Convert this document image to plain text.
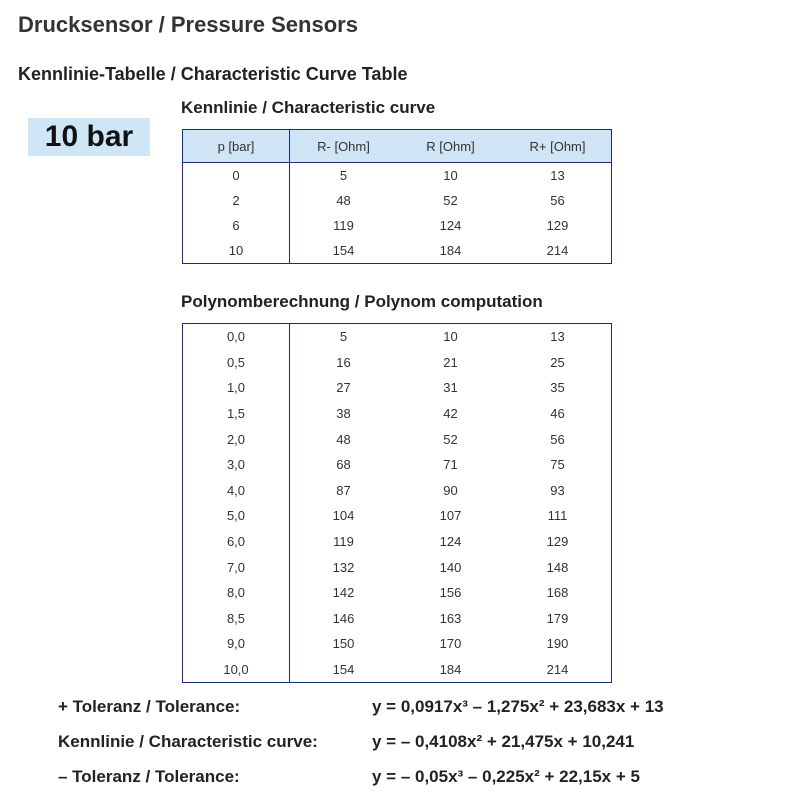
Drucksensor / Pressure Sensors
Kennlinie-Tabelle / Characteristic Curve Table
10 bar
Kennlinie / Characteristic curve
p [bar]	R- [Ohm]	R [Ohm]	R+ [Ohm]
0	5	10	13
2	48	52	56
6	119	124	129
10	154	184	214
Polynomberechnung / Polynom computation
0,0	5	10	13
0,5	16	21	25
1,0	27	31	35
1,5	38	42	46
2,0	48	52	56
3,0	68	71	75
4,0	87	90	93
5,0	104	107	111
6,0	119	124	129
7,0	132	140	148
8,0	142	156	168
8,5	146	163	179
9,0	150	170	190
10,0	154	184	214
+ Toleranz / Tolerance:	y = 0,0917x³ – 1,275x² + 23,683x + 13
Kennlinie / Characteristic curve:	y = – 0,4108x² + 21,475x + 10,241
– Toleranz / Tolerance:	y = – 0,05x³ – 0,225x² + 22,15x + 5
